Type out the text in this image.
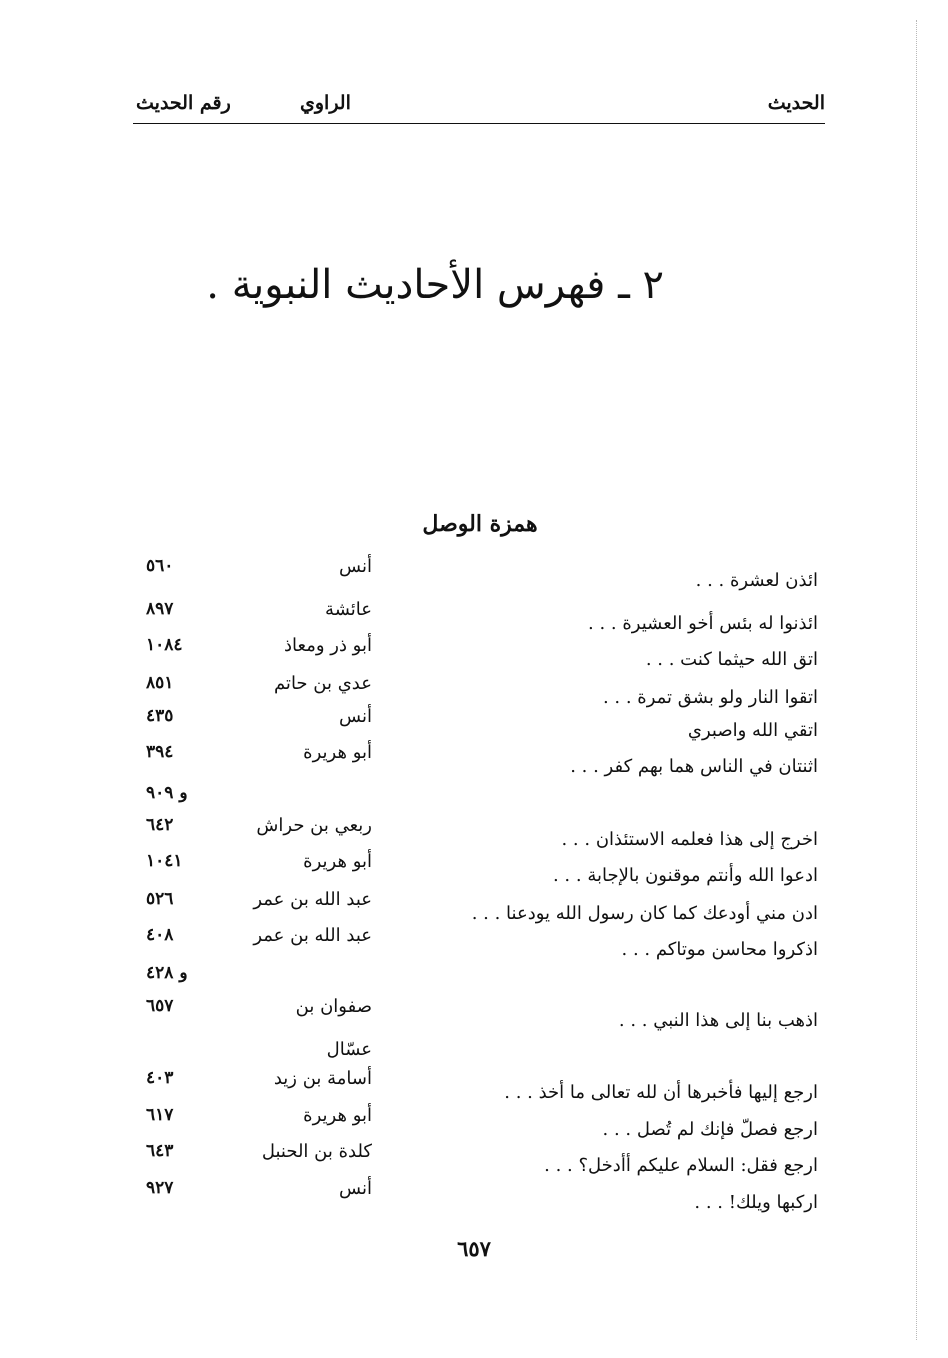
الحديث
الراوي
رقم الحديث
٢ ـ فهرس الأحاديث النبوية .
همزة الوصل
ائذن لعشرة . . .
أنس
٥٦٠
ائذنوا له بئس أخو العشيرة . . .
عائشة
٨٩٧
اتق الله حيثما كنت . . .
أبو ذر ومعاذ
١٠٨٤
اتقوا النار ولو بشق تمرة . . .
عدي بن حاتم
٨٥١
اتقي الله واصبري
أنس
٤٣٥
اثنتان في الناس هما بهم كفر . . .
أبو هريرة
٣٩٤
و ٩٠٩
اخرج إلى هذا فعلمه الاستئذان . . .
ربعي بن حراش
٦٤٢
ادعوا الله وأنتم موقنون بالإجابة . . .
أبو هريرة
١٠٤١
ادن مني أودعك كما كان رسول الله يودعنا . . .
عبد الله بن عمر
٥٢٦
اذكروا محاسن موتاكم . . .
عبد الله بن عمر
٤٠٨
و ٤٢٨
اذهب بنا إلى هذا النبي . . .
صفوان بن
٦٥٧
عسّال
ارجع إليها فأخبرها أن لله تعالى ما أخذ . . .
أسامة بن زيد
٤٠٣
ارجع فصلّ فإنك لم تُصل . . .
أبو هريرة
٦١٧
ارجع فقل: السلام عليكم أأدخل؟ . . .
كلدة بن الحنبل
٦٤٣
اركبها ويلك! . . .
أنس
٩٢٧
٦٥٧
